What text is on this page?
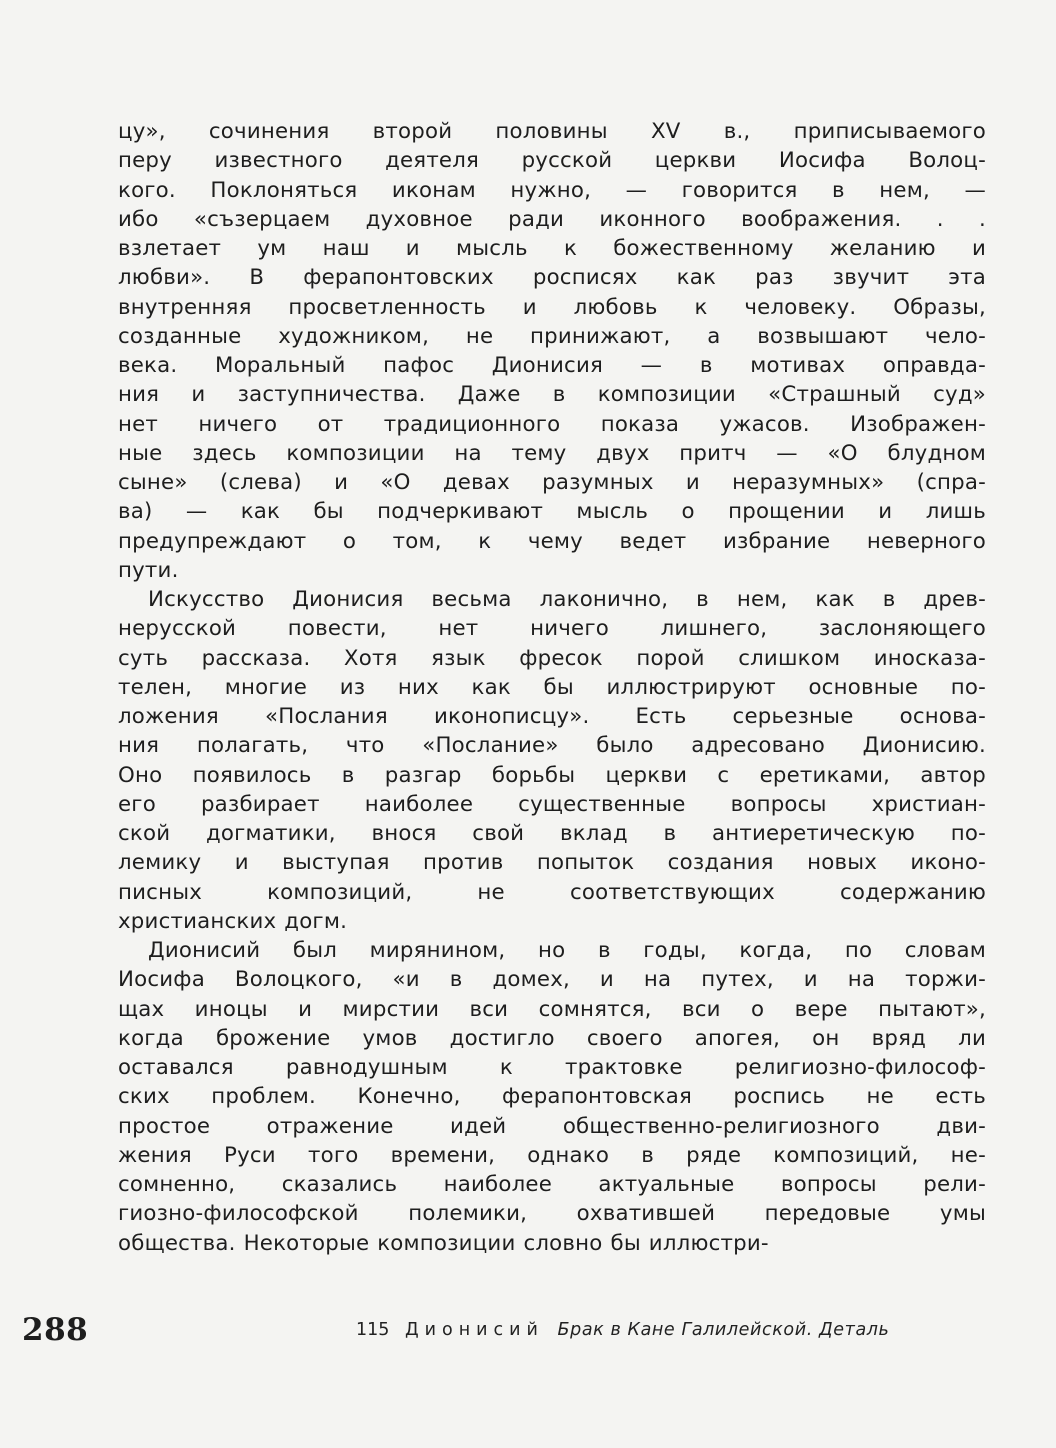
цу», сочинения второй половины XV в., приписываемого
перу известного деятеля русской церкви Иосифа Волоц-
кого. Поклоняться иконам нужно, — говорится в нем, —
ибо «съзерцаем духовное ради иконного воображения. . .
взлетает ум наш и мысль к божественному желанию и
любви». В ферапонтовских росписях как раз звучит эта
внутренняя просветленность и любовь к человеку. Образы,
созданные художником, не принижают, а возвышают чело-
века. Моральный пафос Дионисия — в мотивах оправда-
ния и заступничества. Даже в композиции «Страшный суд»
нет ничего от традиционного показа ужасов. Изображен-
ные здесь композиции на тему двух притч — «О блудном
сыне» (слева) и «О девах разумных и неразумных» (спра-
ва) — как бы подчеркивают мысль о прощении и лишь
предупреждают о том, к чему ведет избрание неверного
пути.
Искусство Дионисия весьма лаконично, в нем, как в древ-
нерусской повести, нет ничего лишнего, заслоняющего
суть рассказа. Хотя язык фресок порой слишком иносказа-
телен, многие из них как бы иллюстрируют основные по-
ложения «Послания иконописцу». Есть серьезные основа-
ния полагать, что «Послание» было адресовано Дионисию.
Оно появилось в разгар борьбы церкви с еретиками, автор
его разбирает наиболее существенные вопросы христиан-
ской догматики, внося свой вклад в антиеретическую по-
лемику и выступая против попыток создания новых иконо-
писных композиций, не соответствующих содержанию
христианских догм.
Дионисий был мирянином, но в годы, когда, по словам
Иосифа Волоцкого, «и в домех, и на путех, и на торжи-
щах иноцы и мирстии вси сомнятся, вси о вере пытают»,
когда брожение умов достигло своего апогея, он вряд ли
оставался равнодушным к трактовке религиозно-философ-
ских проблем. Конечно, ферапонтовская роспись не есть
простое отражение идей общественно-религиозного дви-
жения Руси того времени, однако в ряде композиций, не-
сомненно, сказались наиболее актуальные вопросы рели-
гиозно-философской полемики, охватившей передовые умы
общества. Некоторые композиции словно бы иллюстри-
288	115 Дионисий Брак в Кане Галилейской. Деталь
